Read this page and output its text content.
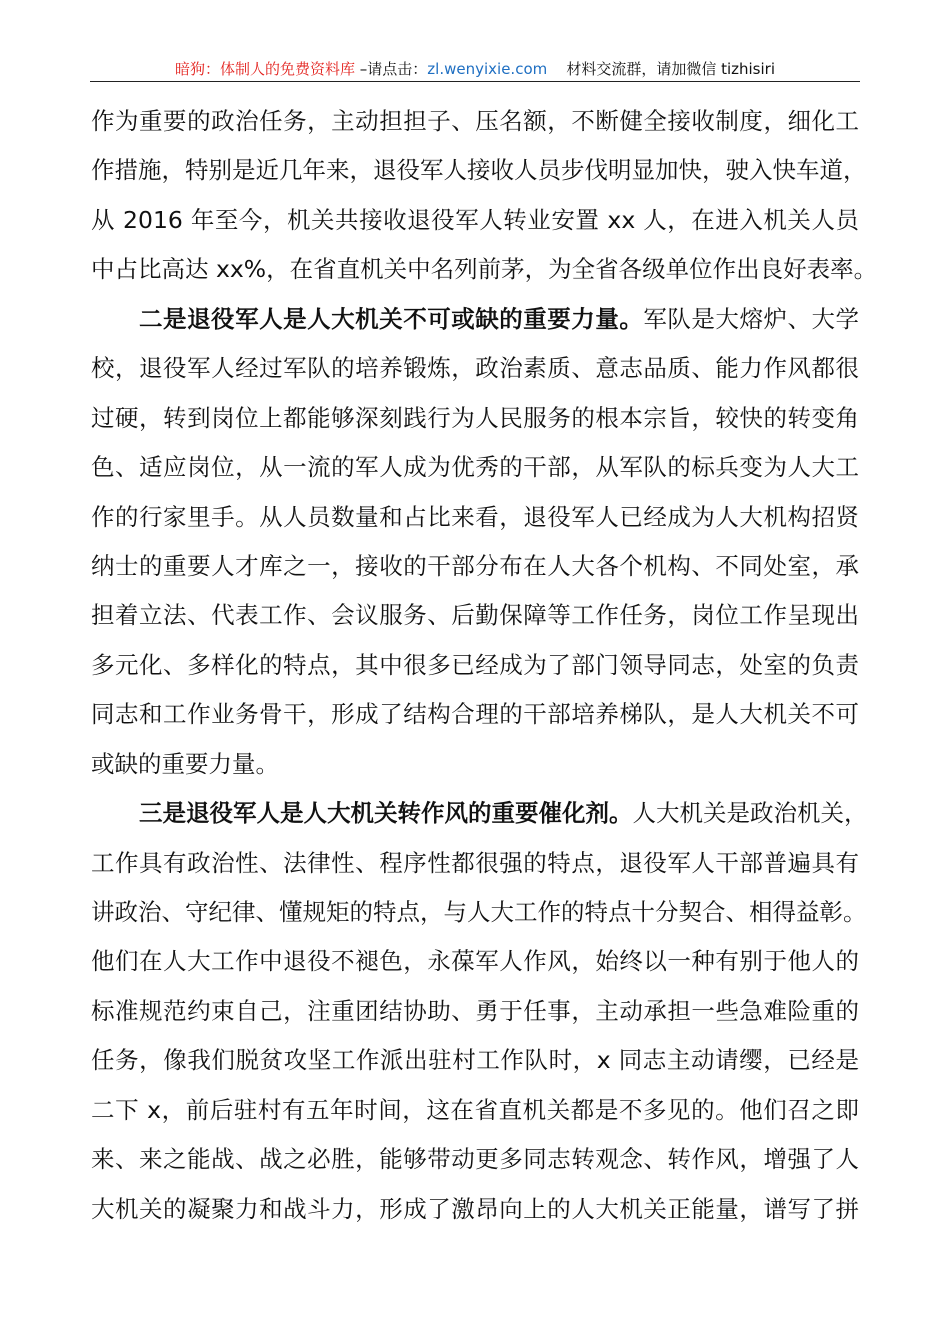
暗狗：体制人的免费资料库 –请点击：zl.wenyixie.com 材料交流群，请加微信 tizhisiri
作为重要的政治任务，主动担担子、压名额，不断健全接收制度，细化工
作措施，特别是近几年来，退役军人接收人员步伐明显加快，驶入快车道，
从 2016 年至今，机关共接收退役军人转业安置 xx 人，在进入机关人员
中占比高达 xx%，在省直机关中名列前茅，为全省各级单位作出良好表率。
二是退役军人是人大机关不可或缺的重要力量。军队是大熔炉、大学
校，退役军人经过军队的培养锻炼，政治素质、意志品质、能力作风都很
过硬，转到岗位上都能够深刻践行为人民服务的根本宗旨，较快的转变角
色、适应岗位，从一流的军人成为优秀的干部，从军队的标兵变为人大工
作的行家里手。从人员数量和占比来看，退役军人已经成为人大机构招贤
纳士的重要人才库之一，接收的干部分布在人大各个机构、不同处室，承
担着立法、代表工作、会议服务、后勤保障等工作任务，岗位工作呈现出
多元化、多样化的特点，其中很多已经成为了部门领导同志，处室的负责
同志和工作业务骨干，形成了结构合理的干部培养梯队，是人大机关不可
或缺的重要力量。
三是退役军人是人大机关转作风的重要催化剂。人大机关是政治机关，
工作具有政治性、法律性、程序性都很强的特点，退役军人干部普遍具有
讲政治、守纪律、懂规矩的特点，与人大工作的特点十分契合、相得益彰。
他们在人大工作中退役不褪色，永葆军人作风，始终以一种有别于他人的
标准规范约束自己，注重团结协助、勇于任事，主动承担一些急难险重的
任务，像我们脱贫攻坚工作派出驻村工作队时，x 同志主动请缨，已经是
二下 x，前后驻村有五年时间，这在省直机关都是不多见的。他们召之即
来、来之能战、战之必胜，能够带动更多同志转观念、转作风，增强了人
大机关的凝聚力和战斗力，形成了激昂向上的人大机关正能量，谱写了拼
